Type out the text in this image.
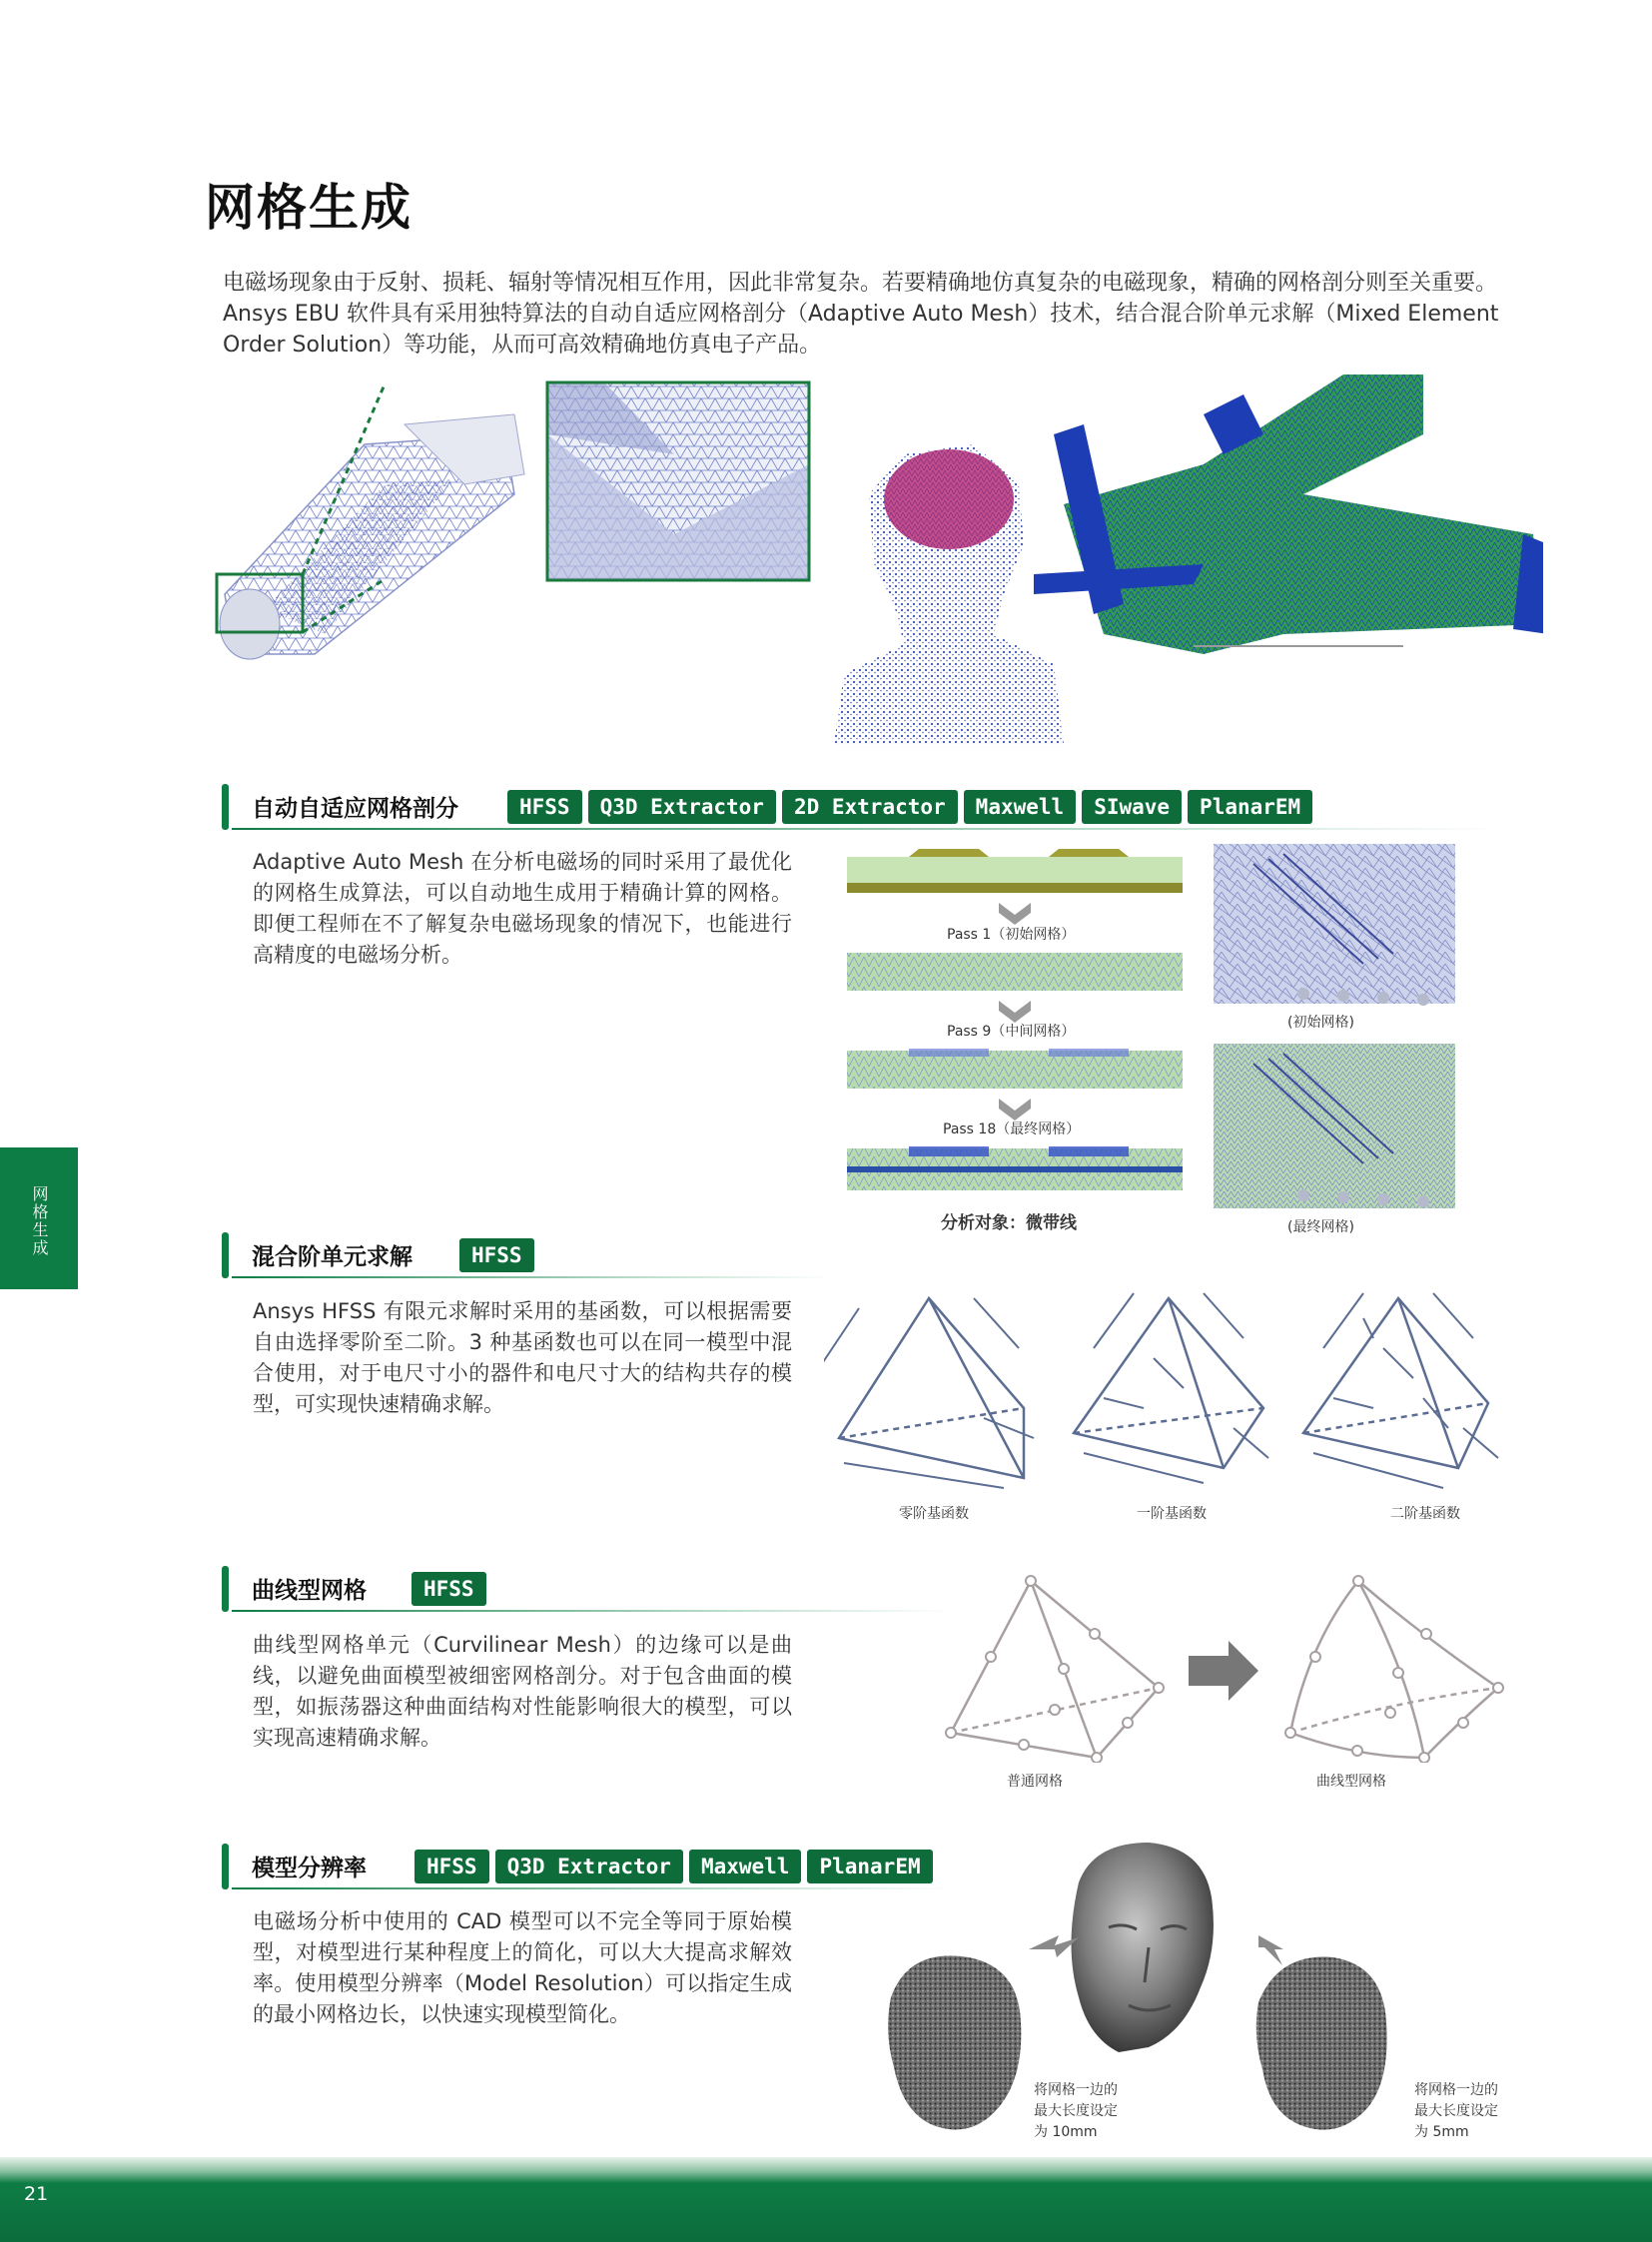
网格生成
电磁场现象由于反射、损耗、辐射等情况相互作用，因此非常复杂。若要精确地仿真复杂的电磁现象，精确的网格剖分则至关重要。Ansys EBU 软件具有采用独特算法的自动自适应网格剖分（Adaptive Auto Mesh）技术，结合混合阶单元求解（Mixed Element Order Solution）等功能，从而可高效精确地仿真电子产品。
自动自适应网格剖分	HFSS	Q3D Extractor	2D Extractor	Maxwell	SIwave	PlanarEM
Adaptive Auto Mesh 在分析电磁场的同时采用了最优化的网格生成算法，可以自动地生成用于精确计算的网格。即便工程师在不了解复杂电磁场现象的情况下，也能进行高精度的电磁场分析。
Pass 1（初始网格）
Pass 9（中间网格）
Pass 18（最终网格）
分析对象：微带线
(初始网格)
(最终网格)
网格生成	混合阶单元求解	HFSS
Ansys HFSS 有限元求解时采用的基函数，可以根据需要自由选择零阶至二阶。3 种基函数也可以在同一模型中混合使用，对于电尺寸小的器件和电尺寸大的结构共存的模型，可实现快速精确求解。
零阶基函数	一阶基函数	二阶基函数
曲线型网格	HFSS
曲线型网格单元（Curvilinear Mesh）的边缘可以是曲线，以避免曲面模型被细密网格剖分。对于包含曲面的模型，如振荡器这种曲面结构对性能影响很大的模型，可以实现高速精确求解。
普通网格	曲线型网格
模型分辨率	HFSS	Q3D Extractor	Maxwell	PlanarEM
电磁场分析中使用的 CAD 模型可以不完全等同于原始模型，对模型进行某种程度上的简化，可以大大提高求解效率。使用模型分辨率（Model Resolution）可以指定生成的最小网格边长，以快速实现模型简化。
将网格一边的
最大长度设定
为 10mm
将网格一边的
最大长度设定
为 5mm
21
